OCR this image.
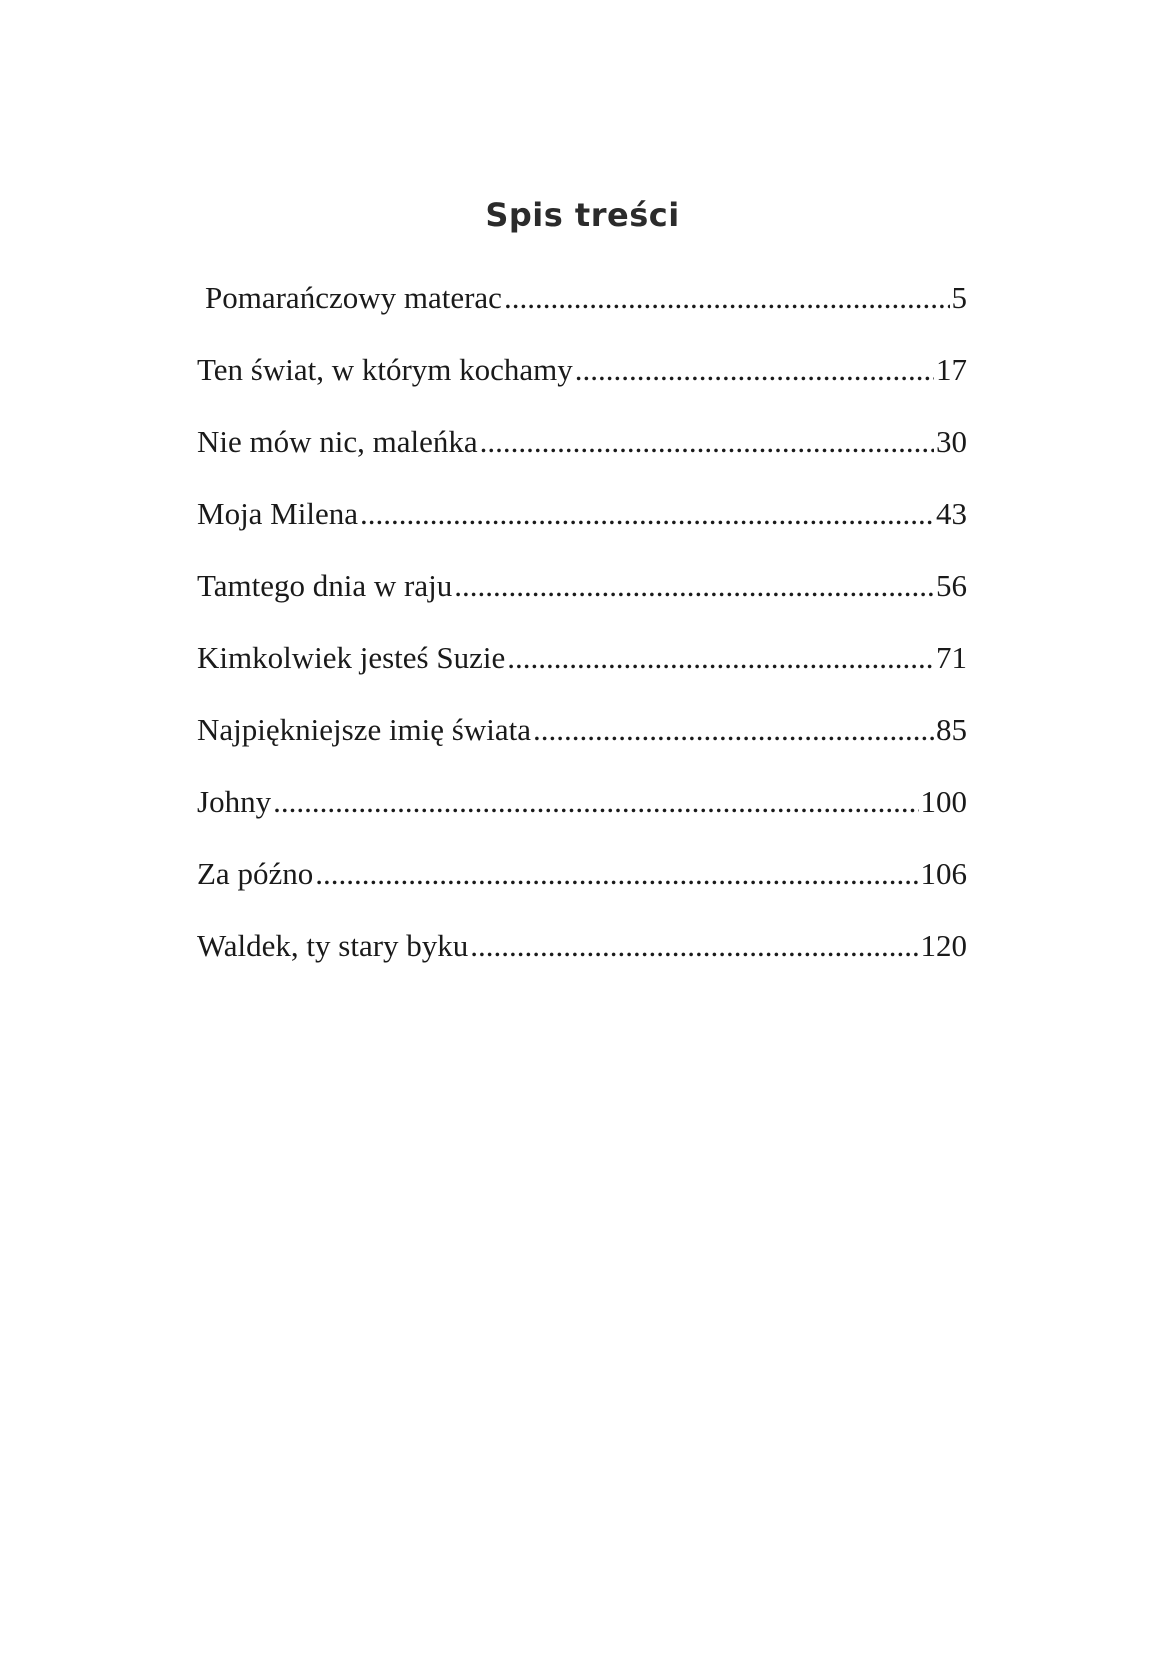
Spis treści
Pomarańczowy materac .....	5
Ten świat, w którym kochamy .....	17
Nie mów nic, maleńka .....	30
Moja Milena .....	43
Tamtego dnia w raju .....	56
Kimkolwiek jesteś Suzie .....	71
Najpiękniejsze imię świata .....	85
Johny .....	100
Za późno .....	106
Waldek, ty stary byku .....	120
